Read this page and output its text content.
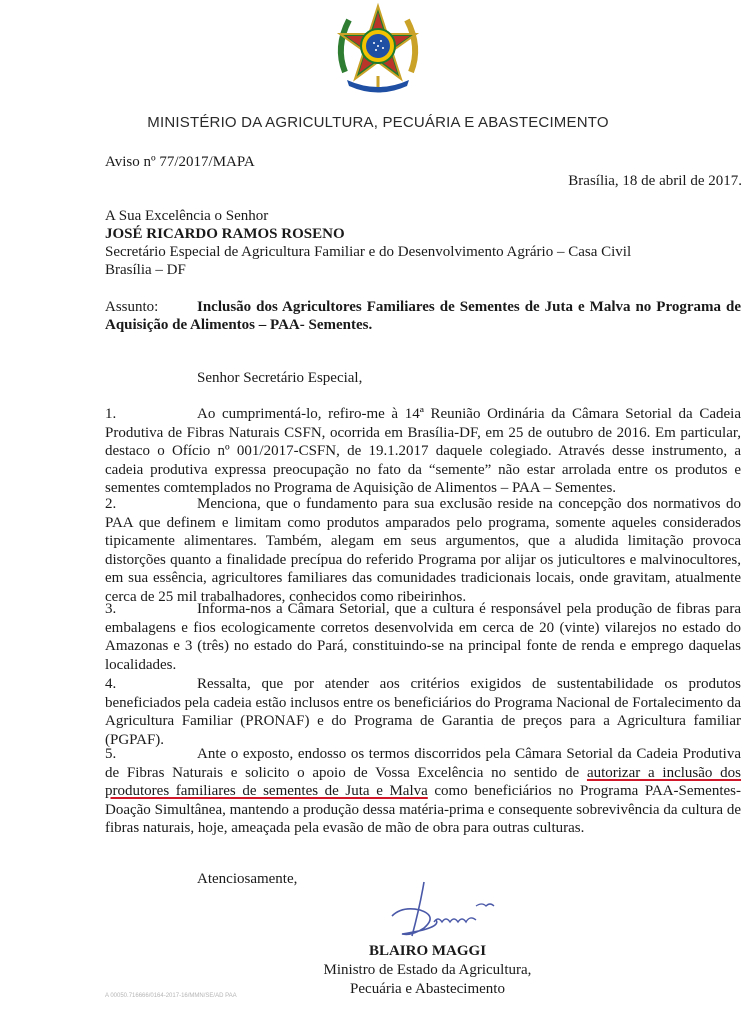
MINISTÉRIO DA AGRICULTURA, PECUÁRIA E ABASTECIMENTO
Aviso nº 77/2017/MAPA
Brasília, 18 de abril de 2017.
A Sua Excelência o Senhor
JOSÉ RICARDO RAMOS ROSENO
Secretário Especial de Agricultura Familiar e do Desenvolvimento Agrário – Casa Civil
Brasília – DF
Assunto:	Inclusão dos Agricultores Familiares de Sementes de Juta e Malva no Programa de Aquisição de Alimentos – PAA- Sementes.
Senhor Secretário Especial,
1.	Ao cumprimentá-lo, refiro-me à 14ª Reunião Ordinária da Câmara Setorial da Cadeia Produtiva de Fibras Naturais CSFN, ocorrida em Brasília-DF, em 25 de outubro de 2016. Em particular, destaco o Ofício nº 001/2017-CSFN, de 19.1.2017 daquele colegiado. Através desse instrumento, a cadeia produtiva expressa preocupação no fato da “semente” não estar arrolada entre os produtos e sementes comtemplados no Programa de Aquisição de Alimentos – PAA – Sementes.
2.	Menciona, que o fundamento para sua exclusão reside na concepção dos normativos do PAA que definem e limitam como produtos amparados pelo programa, somente aqueles considerados tipicamente alimentares. Também, alegam em seus argumentos, que a aludida limitação provoca distorções quanto a finalidade precípua do referido Programa por alijar os juticultores e malvinocultores, em sua essência, agricultores familiares das comunidades tradicionais locais, onde gravitam, atualmente cerca de 25 mil trabalhadores, conhecidos como ribeirinhos.
3.	Informa-nos a Câmara Setorial, que a cultura é responsável pela produção de fibras para embalagens e fios ecologicamente corretos desenvolvida em cerca de 20 (vinte) vilarejos no estado do Amazonas e 3 (três) no estado do Pará, constituindo-se na principal fonte de renda e emprego daquelas localidades.
4.	Ressalta, que por atender aos critérios exigidos de sustentabilidade os produtos beneficiados pela cadeia estão inclusos entre os beneficiários do Programa Nacional de Fortalecimento da Agricultura Familiar (PRONAF) e do Programa de Garantia de preços para a Agricultura familiar (PGPAF).
5.	Ante o exposto, endosso os termos discorridos pela Câmara Setorial da Cadeia Produtiva de Fibras Naturais e solicito o apoio de Vossa Excelência no sentido de autorizar a inclusão dos produtores familiares de sementes de Juta e Malva como beneficiários no Programa PAA-Sementes-Doação Simultânea, mantendo a produção dessa matéria-prima e consequente sobrevivência da cultura de fibras naturais, hoje, ameaçada pela evasão de mão de obra para outras culturas.
Atenciosamente,
BLAIRO MAGGI
Ministro de Estado da Agricultura,
Pecuária e Abastecimento
A 00050.716666/0164-2017-16/MMN/SE/AD PAA
